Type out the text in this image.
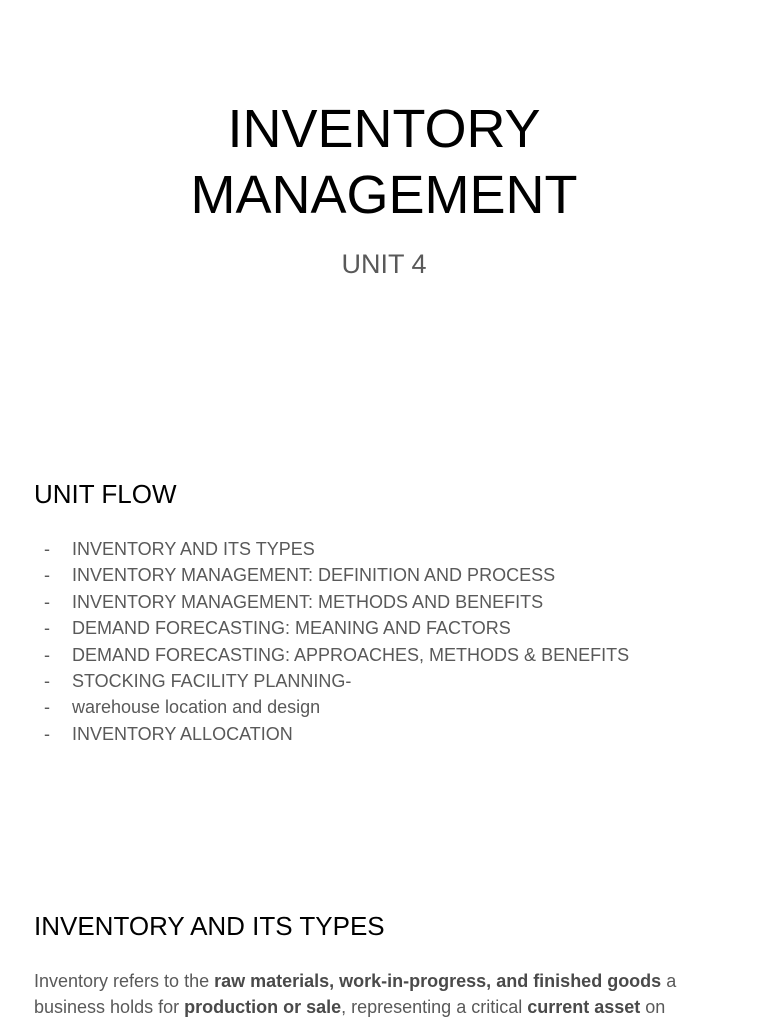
INVENTORY
MANAGEMENT

UNIT 4

UNIT FLOW
- INVENTORY AND ITS TYPES
- INVENTORY MANAGEMENT: DEFINITION AND PROCESS
- INVENTORY MANAGEMENT: METHODS AND BENEFITS
- DEMAND FORECASTING: MEANING AND FACTORS
- DEMAND FORECASTING: APPROACHES, METHODS & BENEFITS
- STOCKING FACILITY PLANNING-
- warehouse location and design
- INVENTORY ALLOCATION
INVENTORY AND ITS TYPES

Inventory refers to the raw materials, work-in-progress, and finished goods a business holds for production or sale, representing a critical current asset on
